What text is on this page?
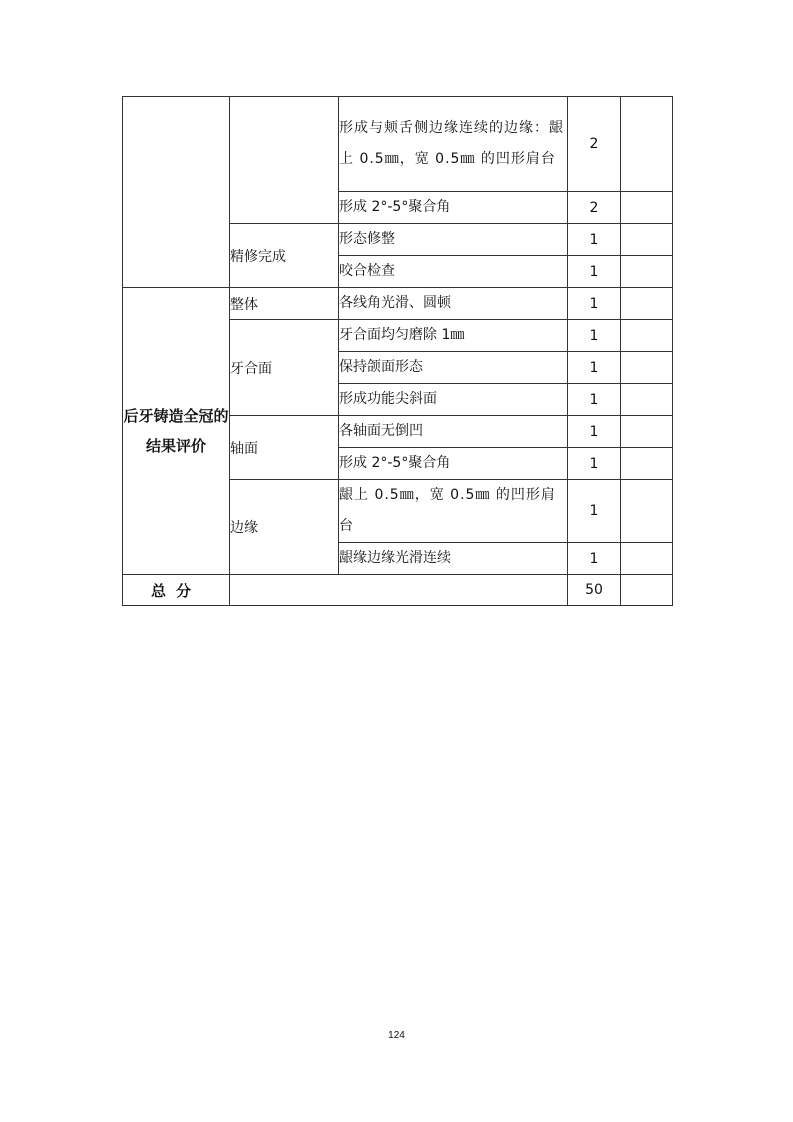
		形成与颊舌侧边缘连续的边缘：龈上 0.5㎜，宽 0.5㎜ 的凹形肩台	2	
		形成 2°-5°聚合角	2	
	精修完成	形态修整	1	
		咬合检查	1	
后牙铸造全冠的结果评价	整体	各线角光滑、圆顿	1	
	牙合面	牙合面均匀磨除 1㎜	1	
		保持颌面形态	1	
		形成功能尖斜面	1	
	轴面	各轴面无倒凹	1	
		形成 2°-5°聚合角	1	
	边缘	龈上 0.5㎜，宽 0.5㎜ 的凹形肩台	1	
		龈缘边缘光滑连续	1	
总分			50	
124
